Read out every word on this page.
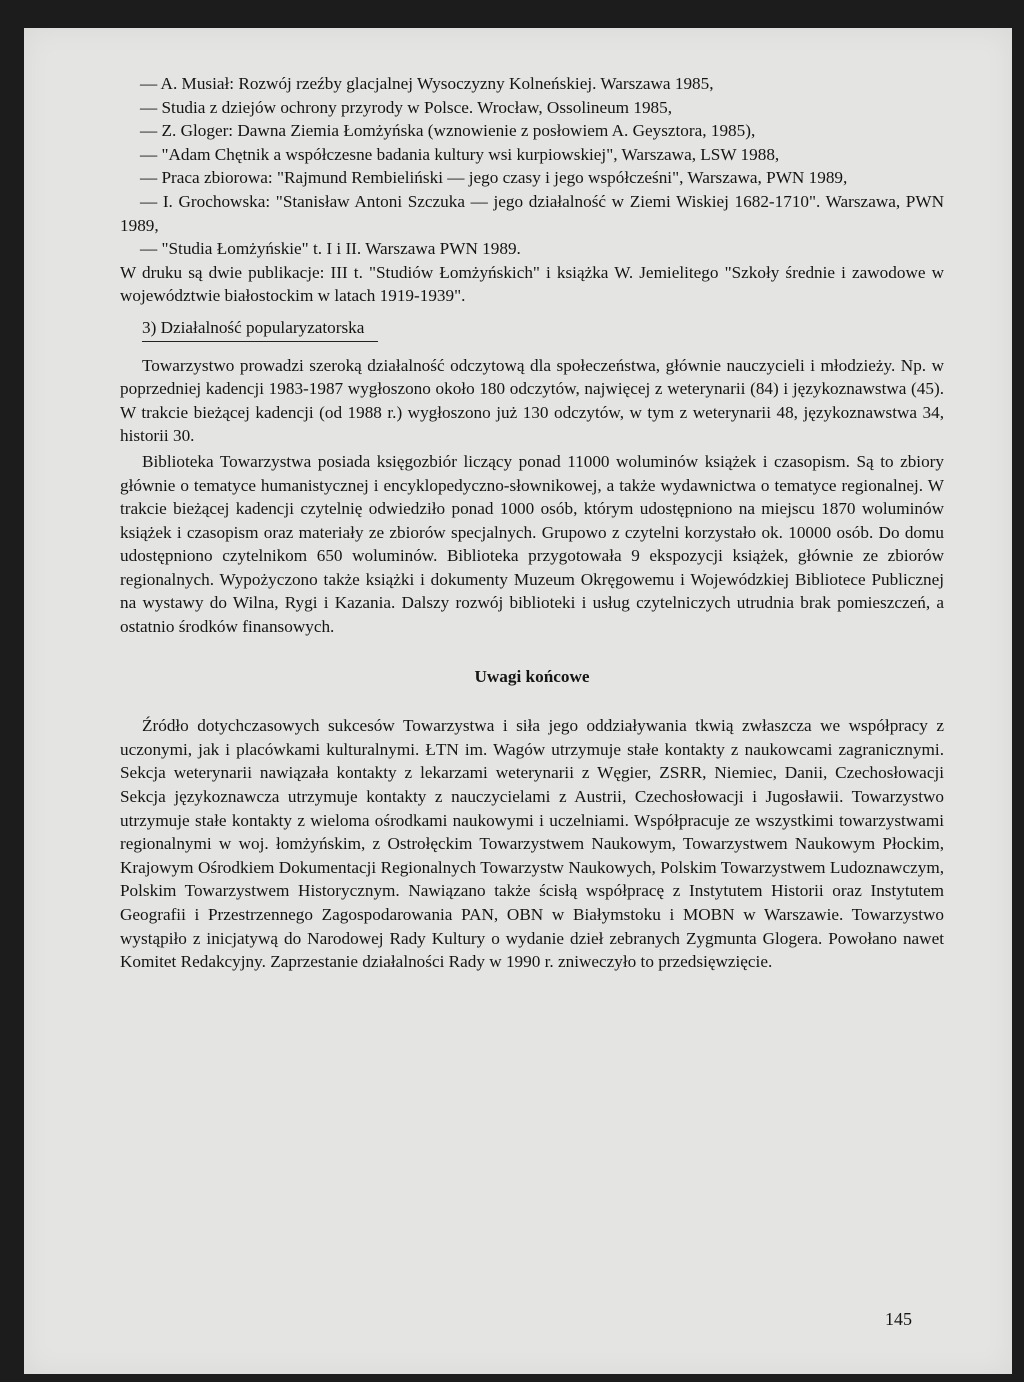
— A. Musiał: Rozwój rzeźby glacjalnej Wysoczyzny Kolneńskiej. Warszawa 1985,
— Studia z dziejów ochrony przyrody w Polsce. Wrocław, Ossolineum 1985,
— Z. Gloger: Dawna Ziemia Łomżyńska (wznowienie z posłowiem A. Geysztora, 1985),
— "Adam Chętnik a współczesne badania kultury wsi kurpiowskiej", Warszawa, LSW 1988,
— Praca zbiorowa: "Rajmund Rembieliński — jego czasy i jego współcześni", Warszawa, PWN 1989,
— I. Grochowska: "Stanisław Antoni Szczuka — jego działalność w Ziemi Wiskiej 1682-1710". Warszawa, PWN 1989,
— "Studia Łomżyńskie" t. I i II. Warszawa PWN 1989.

W druku są dwie publikacje: III t. "Studiów Łomżyńskich" i książka W. Jemielitego "Szkoły średnie i zawodowe w województwie białostockim w latach 1919-1939".

3) Działalność popularyzatorska

Towarzystwo prowadzi szeroką działalność odczytową dla społeczeństwa, głównie nauczycieli i młodzieży. Np. w poprzedniej kadencji 1983-1987 wygłoszono około 180 odczytów, najwięcej z weterynarii (84) i językoznawstwa (45). W trakcie bieżącej kadencji (od 1988 r.) wygłoszono już 130 odczytów, w tym z weterynarii 48, językoznawstwa 34, historii 30.

Biblioteka Towarzystwa posiada księgozbiór liczący ponad 11000 woluminów książek i czasopism. Są to zbiory głównie o tematyce humanistycznej i encyklopedyczno-słownikowej, a także wydawnictwa o tematyce regionalnej. W trakcie bieżącej kadencji czytelnię odwiedziło ponad 1000 osób, którym udostępniono na miejscu 1870 woluminów książek i czasopism oraz materiały ze zbiorów specjalnych. Grupowo z czytelni korzystało ok. 10000 osób. Do domu udostępniono czytelnikom 650 woluminów. Biblioteka przygotowała 9 ekspozycji książek, głównie ze zbiorów regionalnych. Wypożyczono także książki i dokumenty Muzeum Okręgowemu i Wojewódzkiej Bibliotece Publicznej na wystawy do Wilna, Rygi i Kazania. Dalszy rozwój biblioteki i usług czytelniczych utrudnia brak pomieszczeń, a ostatnio środków finansowych.

Uwagi końcowe

Źródło dotychczasowych sukcesów Towarzystwa i siła jego oddziaływania tkwią zwłaszcza we współpracy z uczonymi, jak i placówkami kulturalnymi. ŁTN im. Wagów utrzymuje stałe kontakty z naukowcami zagranicznymi. Sekcja weterynarii nawiązała kontakty z lekarzami weterynarii z Węgier, ZSRR, Niemiec, Danii, Czechosłowacji Sekcja językoznawcza utrzymuje kontakty z nauczycielami z Austrii, Czechosłowacji i Jugosławii. Towarzystwo utrzymuje stałe kontakty z wieloma ośrodkami naukowymi i uczelniami. Współpracuje ze wszystkimi towarzystwami regionalnymi w woj. łomżyńskim, z Ostrołęckim Towarzystwem Naukowym, Towarzystwem Naukowym Płockim, Krajowym Ośrodkiem Dokumentacji Regionalnych Towarzystw Naukowych, Polskim Towarzystwem Ludoznawczym, Polskim Towarzystwem Historycznym. Nawiązano także ścisłą współpracę z Instytutem Historii oraz Instytutem Geografii i Przestrzennego Zagospodarowania PAN, OBN w Białymstoku i MOBN w Warszawie. Towarzystwo wystąpiło z inicjatywą do Narodowej Rady Kultury o wydanie dzieł zebranych Zygmunta Glogera. Powołano nawet Komitet Redakcyjny. Zaprzestanie działalności Rady w 1990 r. zniweczyło to przedsięwzięcie.

145
